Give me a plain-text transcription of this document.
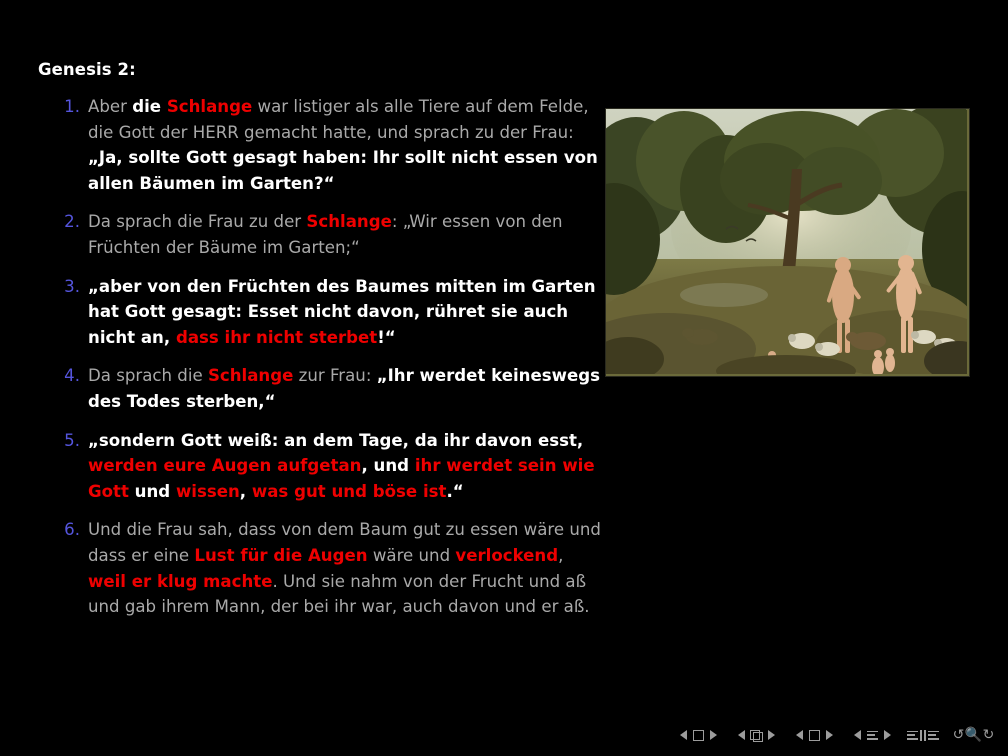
Genesis 2:
1. Aber die Schlange war listiger als alle Tiere auf dem Felde, die Gott der HERR gemacht hatte, und sprach zu der Frau: „Ja, sollte Gott gesagt haben: Ihr sollt nicht essen von allen Bäumen im Garten?“
2. Da sprach die Frau zu der Schlange: „Wir essen von den Früchten der Bäume im Garten;“
3. „aber von den Früchten des Baumes mitten im Garten hat Gott gesagt: Esset nicht davon, rühret sie auch nicht an, dass ihr nicht sterbet!“
4. Da sprach die Schlange zur Frau: „Ihr werdet keineswegs des Todes sterben,“
5. „sondern Gott weiß: an dem Tage, da ihr davon esst, werden eure Augen aufgetan, und ihr werdet sein wie Gott und wissen, was gut und böse ist.“
6. Und die Frau sah, dass von dem Baum gut zu essen wäre und dass er eine Lust für die Augen wäre und verlockend, weil er klug machte. Und sie nahm von der Frucht und aß und gab ihrem Mann, der bei ihr war, auch davon und er aß.
↺ 🔍 ↻
